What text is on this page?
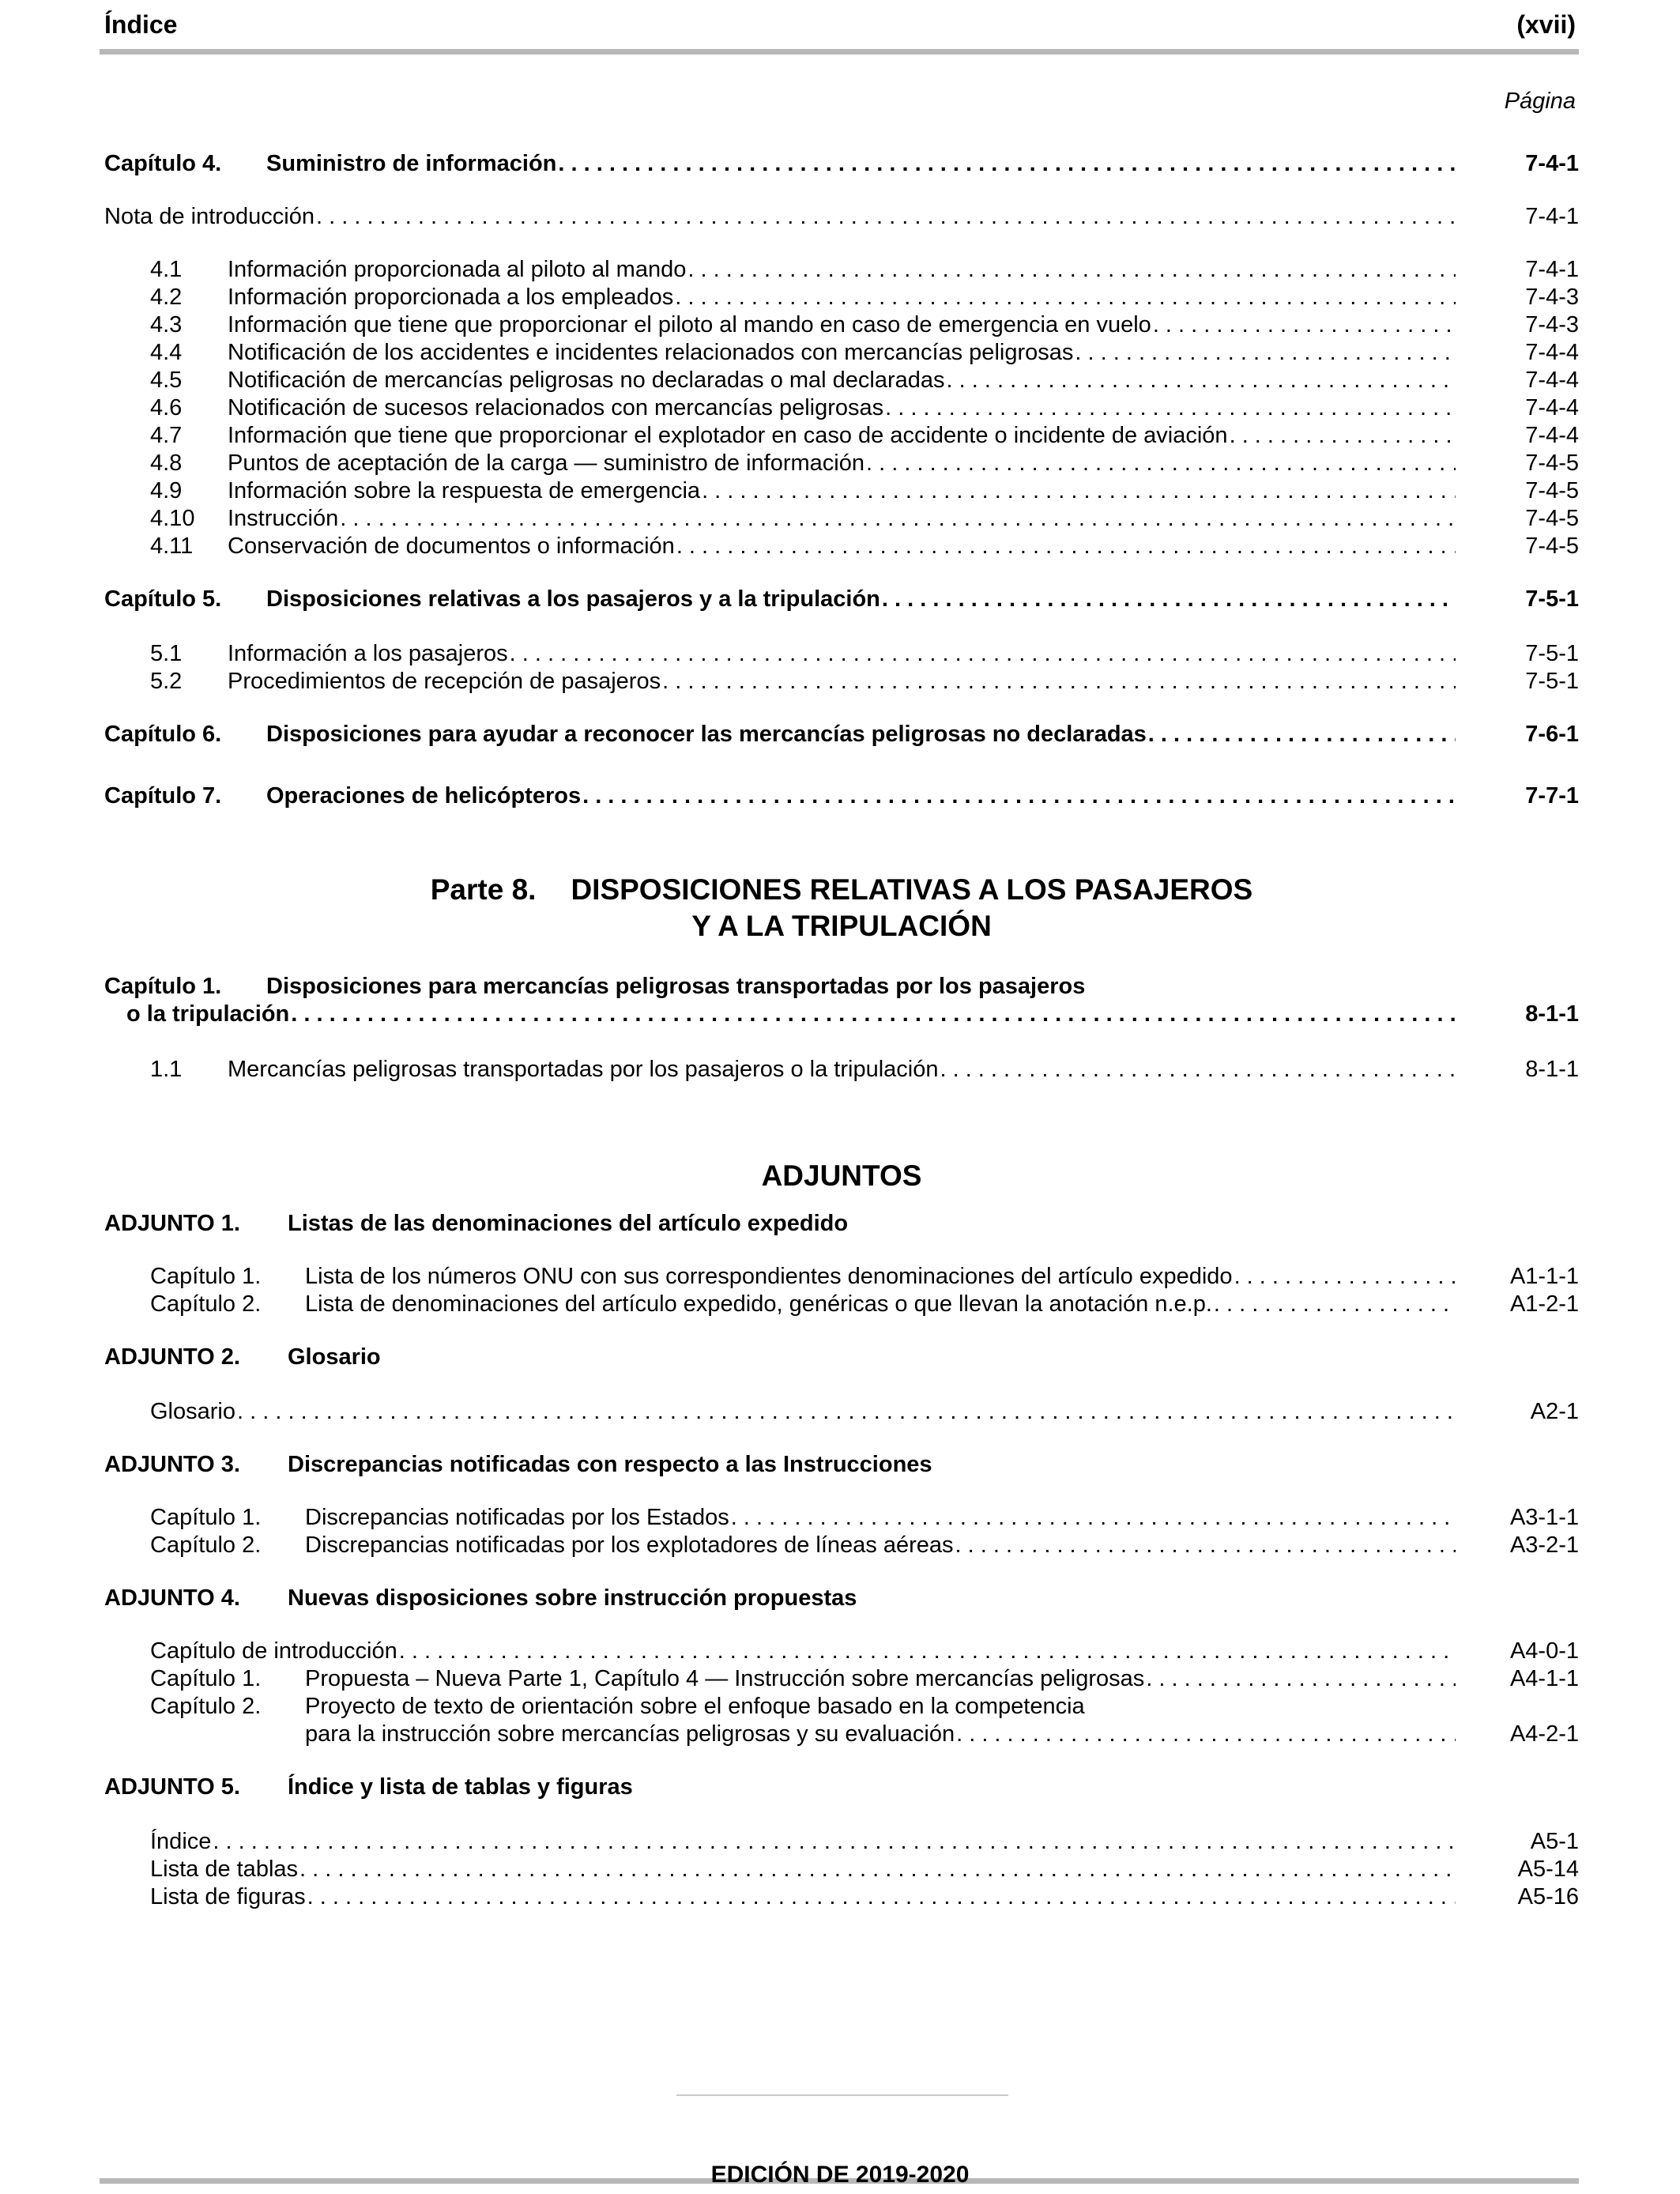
Índice	(xvii)
Página
Capítulo 4.	Suministro de información . . .	7-4-1
Nota de introducción . . .	7-4-1
4.1	Información proporcionada al piloto al mando . . .	7-4-1
4.2	Información proporcionada a los empleados . . .	7-4-3
4.3	Información que tiene que proporcionar el piloto al mando en caso de emergencia en vuelo . . .	7-4-3
4.4	Notificación de los accidentes e incidentes relacionados con mercancías peligrosas . . .	7-4-4
4.5	Notificación de mercancías peligrosas no declaradas o mal declaradas . . .	7-4-4
4.6	Notificación de sucesos relacionados con mercancías peligrosas . . .	7-4-4
4.7	Información que tiene que proporcionar el explotador en caso de accidente o incidente de aviación . . .	7-4-4
4.8	Puntos de aceptación de la carga — suministro de información . . .	7-4-5
4.9	Información sobre la respuesta de emergencia . . .	7-4-5
4.10	Instrucción . . .	7-4-5
4.11	Conservación de documentos o información . . .	7-4-5
Capítulo 5.	Disposiciones relativas a los pasajeros y a la tripulación . . .	7-5-1
5.1	Información a los pasajeros . . .	7-5-1
5.2	Procedimientos de recepción de pasajeros . . .	7-5-1
Capítulo 6.	Disposiciones para ayudar a reconocer las mercancías peligrosas no declaradas . . .	7-6-1
Capítulo 7.	Operaciones de helicópteros . . .	7-7-1
Parte 8. DISPOSICIONES RELATIVAS A LOS PASAJEROS
Y A LA TRIPULACIÓN
Capítulo 1.	Disposiciones para mercancías peligrosas transportadas por los pasajeros
o la tripulación . . .	8-1-1
1.1	Mercancías peligrosas transportadas por los pasajeros o la tripulación . . .	8-1-1
ADJUNTOS
ADJUNTO 1.	Listas de las denominaciones del artículo expedido
Capítulo 1.	Lista de los números ONU con sus correspondientes denominaciones del artículo expedido . . .	A1-1-1
Capítulo 2.	Lista de denominaciones del artículo expedido, genéricas o que llevan la anotación n.e.p. . . .	A1-2-1
ADJUNTO 2.	Glosario
Glosario . . .	A2-1
ADJUNTO 3.	Discrepancias notificadas con respecto a las Instrucciones
Capítulo 1.	Discrepancias notificadas por los Estados . . .	A3-1-1
Capítulo 2.	Discrepancias notificadas por los explotadores de líneas aéreas . . .	A3-2-1
ADJUNTO 4.	Nuevas disposiciones sobre instrucción propuestas
Capítulo de introducción . . .	A4-0-1
Capítulo 1.	Propuesta – Nueva Parte 1, Capítulo 4 — Instrucción sobre mercancías peligrosas . . .	A4-1-1
Capítulo 2.	Proyecto de texto de orientación sobre el enfoque basado en la competencia
para la instrucción sobre mercancías peligrosas y su evaluación . . .	A4-2-1
ADJUNTO 5.	Índice y lista de tablas y figuras
Índice . . .	A5-1
Lista de tablas . . .	A5-14
Lista de figuras . . .	A5-16
EDICIÓN DE 2019-2020
